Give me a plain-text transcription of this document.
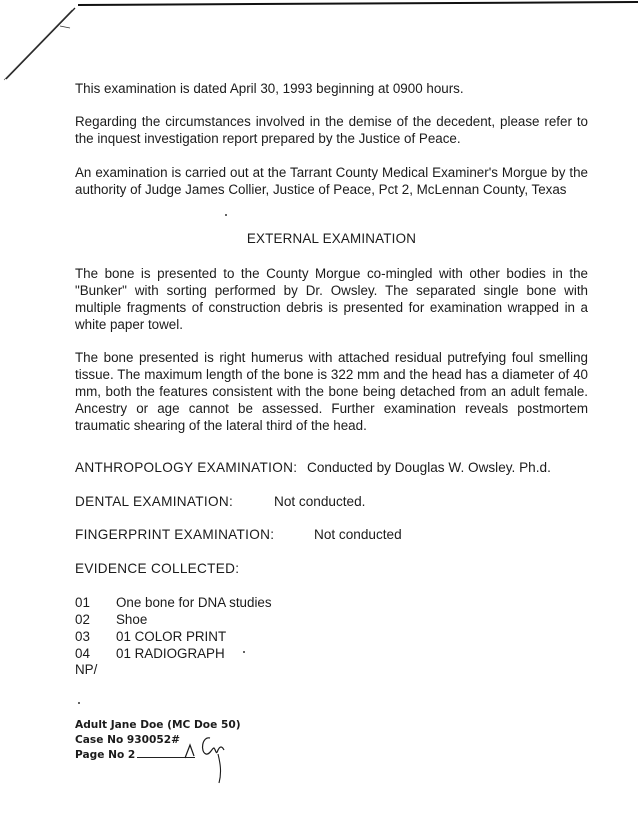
This examination is dated April 30, 1993 beginning at 0900 hours.

Regarding the circumstances involved in the demise of the decedent, please refer to the inquest investigation report prepared by the Justice of Peace.

An examination is carried out at the Tarrant County Medical Examiner's Morgue by the authority of Judge James Collier, Justice of Peace, Pct 2, McLennan County, Texas

EXTERNAL EXAMINATION

The bone is presented to the County Morgue co-mingled with other bodies in the "Bunker" with sorting performed by Dr. Owsley. The separated single bone with multiple fragments of construction debris is presented for examination wrapped in a white paper towel.

The bone presented is right humerus with attached residual putrefying foul smelling tissue. The maximum length of the bone is 322 mm and the head has a diameter of 40 mm, both the features consistent with the bone being detached from an adult female. Ancestry or age cannot be assessed. Further examination reveals postmortem traumatic shearing of the lateral third of the head.

ANTHROPOLOGY EXAMINATION: Conducted by Douglas W. Owsley. Ph.d.
DENTAL EXAMINATION:	Not conducted.
FINGERPRINT EXAMINATION:	Not conducted
EVIDENCE COLLECTED:
01	One bone for DNA studies
02	Shoe
03	01 COLOR PRINT
04	01 RADIOGRAPH
NP/
Adult Jane Doe (MC Doe 50)
Case No 930052#
Page No 2
